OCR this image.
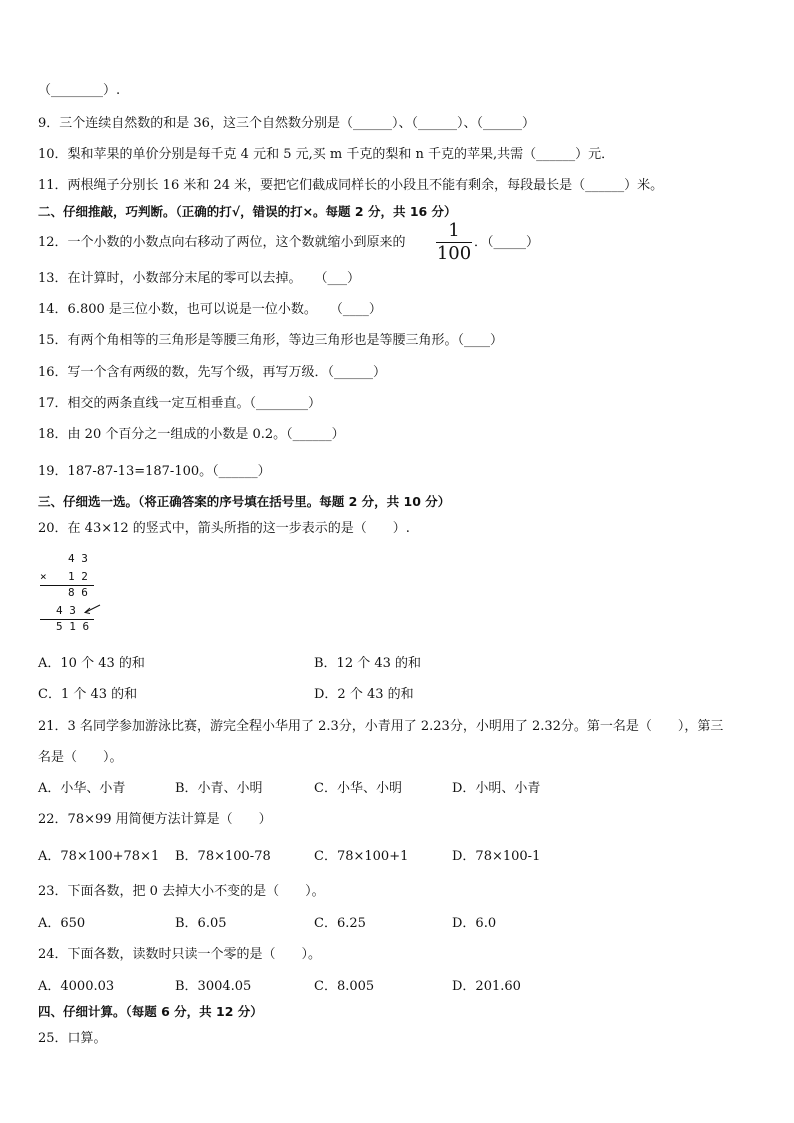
（________）.
9．三个连续自然数的和是 36，这三个自然数分别是（______）、（______）、（______）
10．梨和苹果的单价分别是每千克 4 元和 5 元,买 m 千克的梨和 n 千克的苹果,共需（______）元．
11．两根绳子分别长 16 米和 24 米，要把它们截成同样长的小段且不能有剩余，每段最长是（______）米。
二、仔细推敲，巧判断。（正确的打√，错误的打×。每题 2 分，共 16 分）
12．一个小数的小数点向右移动了两位，这个数就缩小到原来的
1
100
．（_____）
13．在计算时，小数部分末尾的零可以去掉。　　（___）
14．6.800 是三位小数，也可以说是一位小数。　　（____）
15．有两个角相等的三角形是等腰三角形，等边三角形也是等腰三角形。（____）
16．写一个含有两级的数，先写个级，再写万级．（______）
17．相交的两条直线一定互相垂直。（________）
18．由 20 个百分之一组成的小数是 0.2。（______）
19．187-87-13=187-100。（______）
三、仔细选一选。（将正确答案的序号填在括号里。每题 2 分，共 10 分）
20．在 43×12 的竖式中，箭头所指的这一步表示的是（　　）.
4 3
× 1 2
8 6
4 3
5 1 6
A．10 个 43 的和	B．12 个 43 的和
C．1 个 43 的和	D．2 个 43 的和
21．3 名同学参加游泳比赛，游完全程小华用了 2.3分，小青用了 2.23分，小明用了 2.32分。第一名是（　　），第三
名是（　　）。
A．小华、小青	B．小青、小明	C．小华、小明	D．小明、小青
22．78×99 用简便方法计算是（　　）
A．78×100+78×1 B．78×100-78	C．78×100+1	D．78×100-1
23．下面各数，把 0 去掉大小不变的是（　　）。
A．650	B．6.05	C．6.25	D．6.0
24．下面各数，读数时只读一个零的是（　　）。
A．4000.03	B．3004.05	C．8.005	D．201.60
四、仔细计算。（每题 6 分，共 12 分）
25．口算。
